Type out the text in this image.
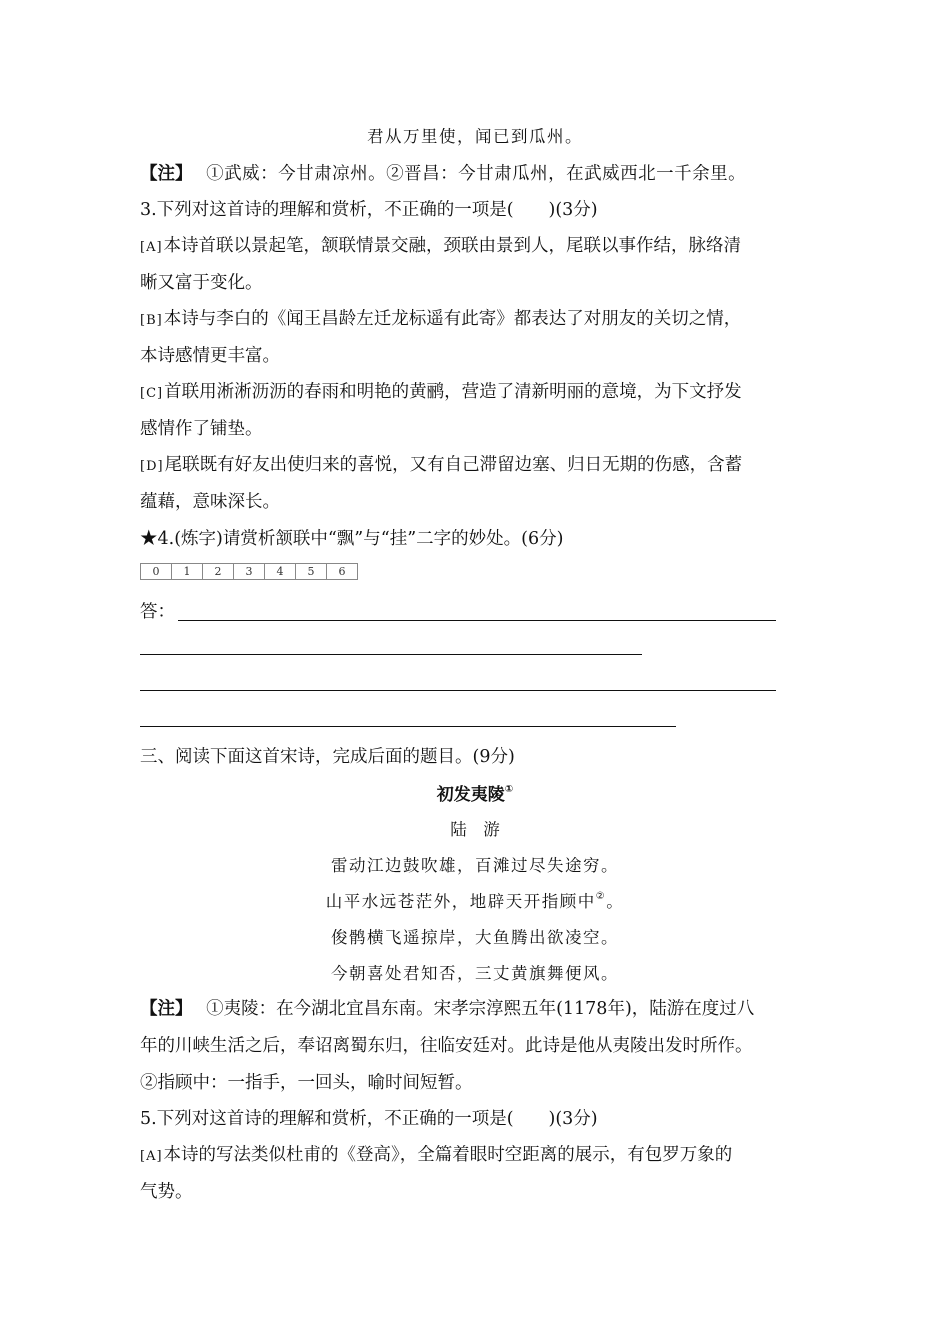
君从万里使，闻已到瓜州。
【注】 ①武威：今甘肃凉州。②晋昌：今甘肃瓜州，在武威西北一千余里。
3.下列对这首诗的理解和赏析，不正确的一项是(　　)(3分)
[A]本诗首联以景起笔，颔联情景交融，颈联由景到人，尾联以事作结，脉络清
晰又富于变化。
[B]本诗与李白的《闻王昌龄左迁龙标遥有此寄》都表达了对朋友的关切之情，
本诗感情更丰富。
[C]首联用淅淅沥沥的春雨和明艳的黄鹂，营造了清新明丽的意境，为下文抒发
感情作了铺垫。
[D]尾联既有好友出使归来的喜悦，又有自己滞留边塞、归日无期的伤感，含蓄
蕴藉，意味深长。
★4.(炼字)请赏析颔联中“飘”与“挂”二字的妙处。(6分)
0	1	2	3	4	5	6
答：
三、阅读下面这首宋诗，完成后面的题目。(9分)
初发夷陵①
陆　游
雷动江边鼓吹雄，百滩过尽失途穷。
山平水远苍茫外，地辟天开指顾中②。
俊鹘横飞遥掠岸，大鱼腾出欲凌空。
今朝喜处君知否，三丈黄旗舞便风。
【注】 ①夷陵：在今湖北宜昌东南。宋孝宗淳熙五年(1178年)，陆游在度过八
年的川峡生活之后，奉诏离蜀东归，往临安廷对。此诗是他从夷陵出发时所作。
②指顾中：一指手，一回头，喻时间短暂。
5.下列对这首诗的理解和赏析，不正确的一项是(　　)(3分)
[A]本诗的写法类似杜甫的《登高》，全篇着眼时空距离的展示，有包罗万象的
气势。
